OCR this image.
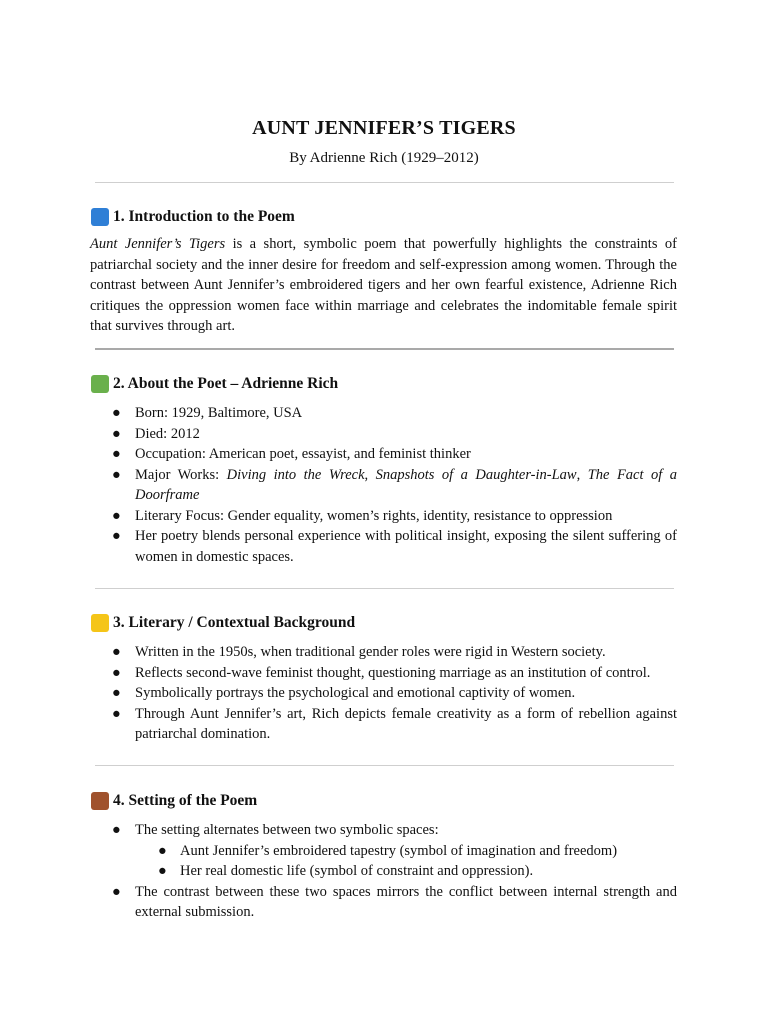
AUNT JENNIFER’S TIGERS
By Adrienne Rich (1929–2012)
1. Introduction to the Poem
Aunt Jennifer’s Tigers is a short, symbolic poem that powerfully highlights the constraints of patriarchal society and the inner desire for freedom and self-expression among women. Through the contrast between Aunt Jennifer’s embroidered tigers and her own fearful existence, Adrienne Rich critiques the oppression women face within marriage and celebrates the indomitable female spirit that survives through art.
2. About the Poet – Adrienne Rich
● Born: 1929, Baltimore, USA
● Died: 2012
● Occupation: American poet, essayist, and feminist thinker
● Major Works: Diving into the Wreck, Snapshots of a Daughter-in-Law, The Fact of a Doorframe
● Literary Focus: Gender equality, women’s rights, identity, resistance to oppression
● Her poetry blends personal experience with political insight, exposing the silent suffering of women in domestic spaces.
3. Literary / Contextual Background
● Written in the 1950s, when traditional gender roles were rigid in Western society.
● Reflects second-wave feminist thought, questioning marriage as an institution of control.
● Symbolically portrays the psychological and emotional captivity of women.
● Through Aunt Jennifer’s art, Rich depicts female creativity as a form of rebellion against patriarchal domination.
4. Setting of the Poem
● The setting alternates between two symbolic spaces:
● Aunt Jennifer’s embroidered tapestry (symbol of imagination and freedom)
● Her real domestic life (symbol of constraint and oppression).
● The contrast between these two spaces mirrors the conflict between internal strength and external submission.
